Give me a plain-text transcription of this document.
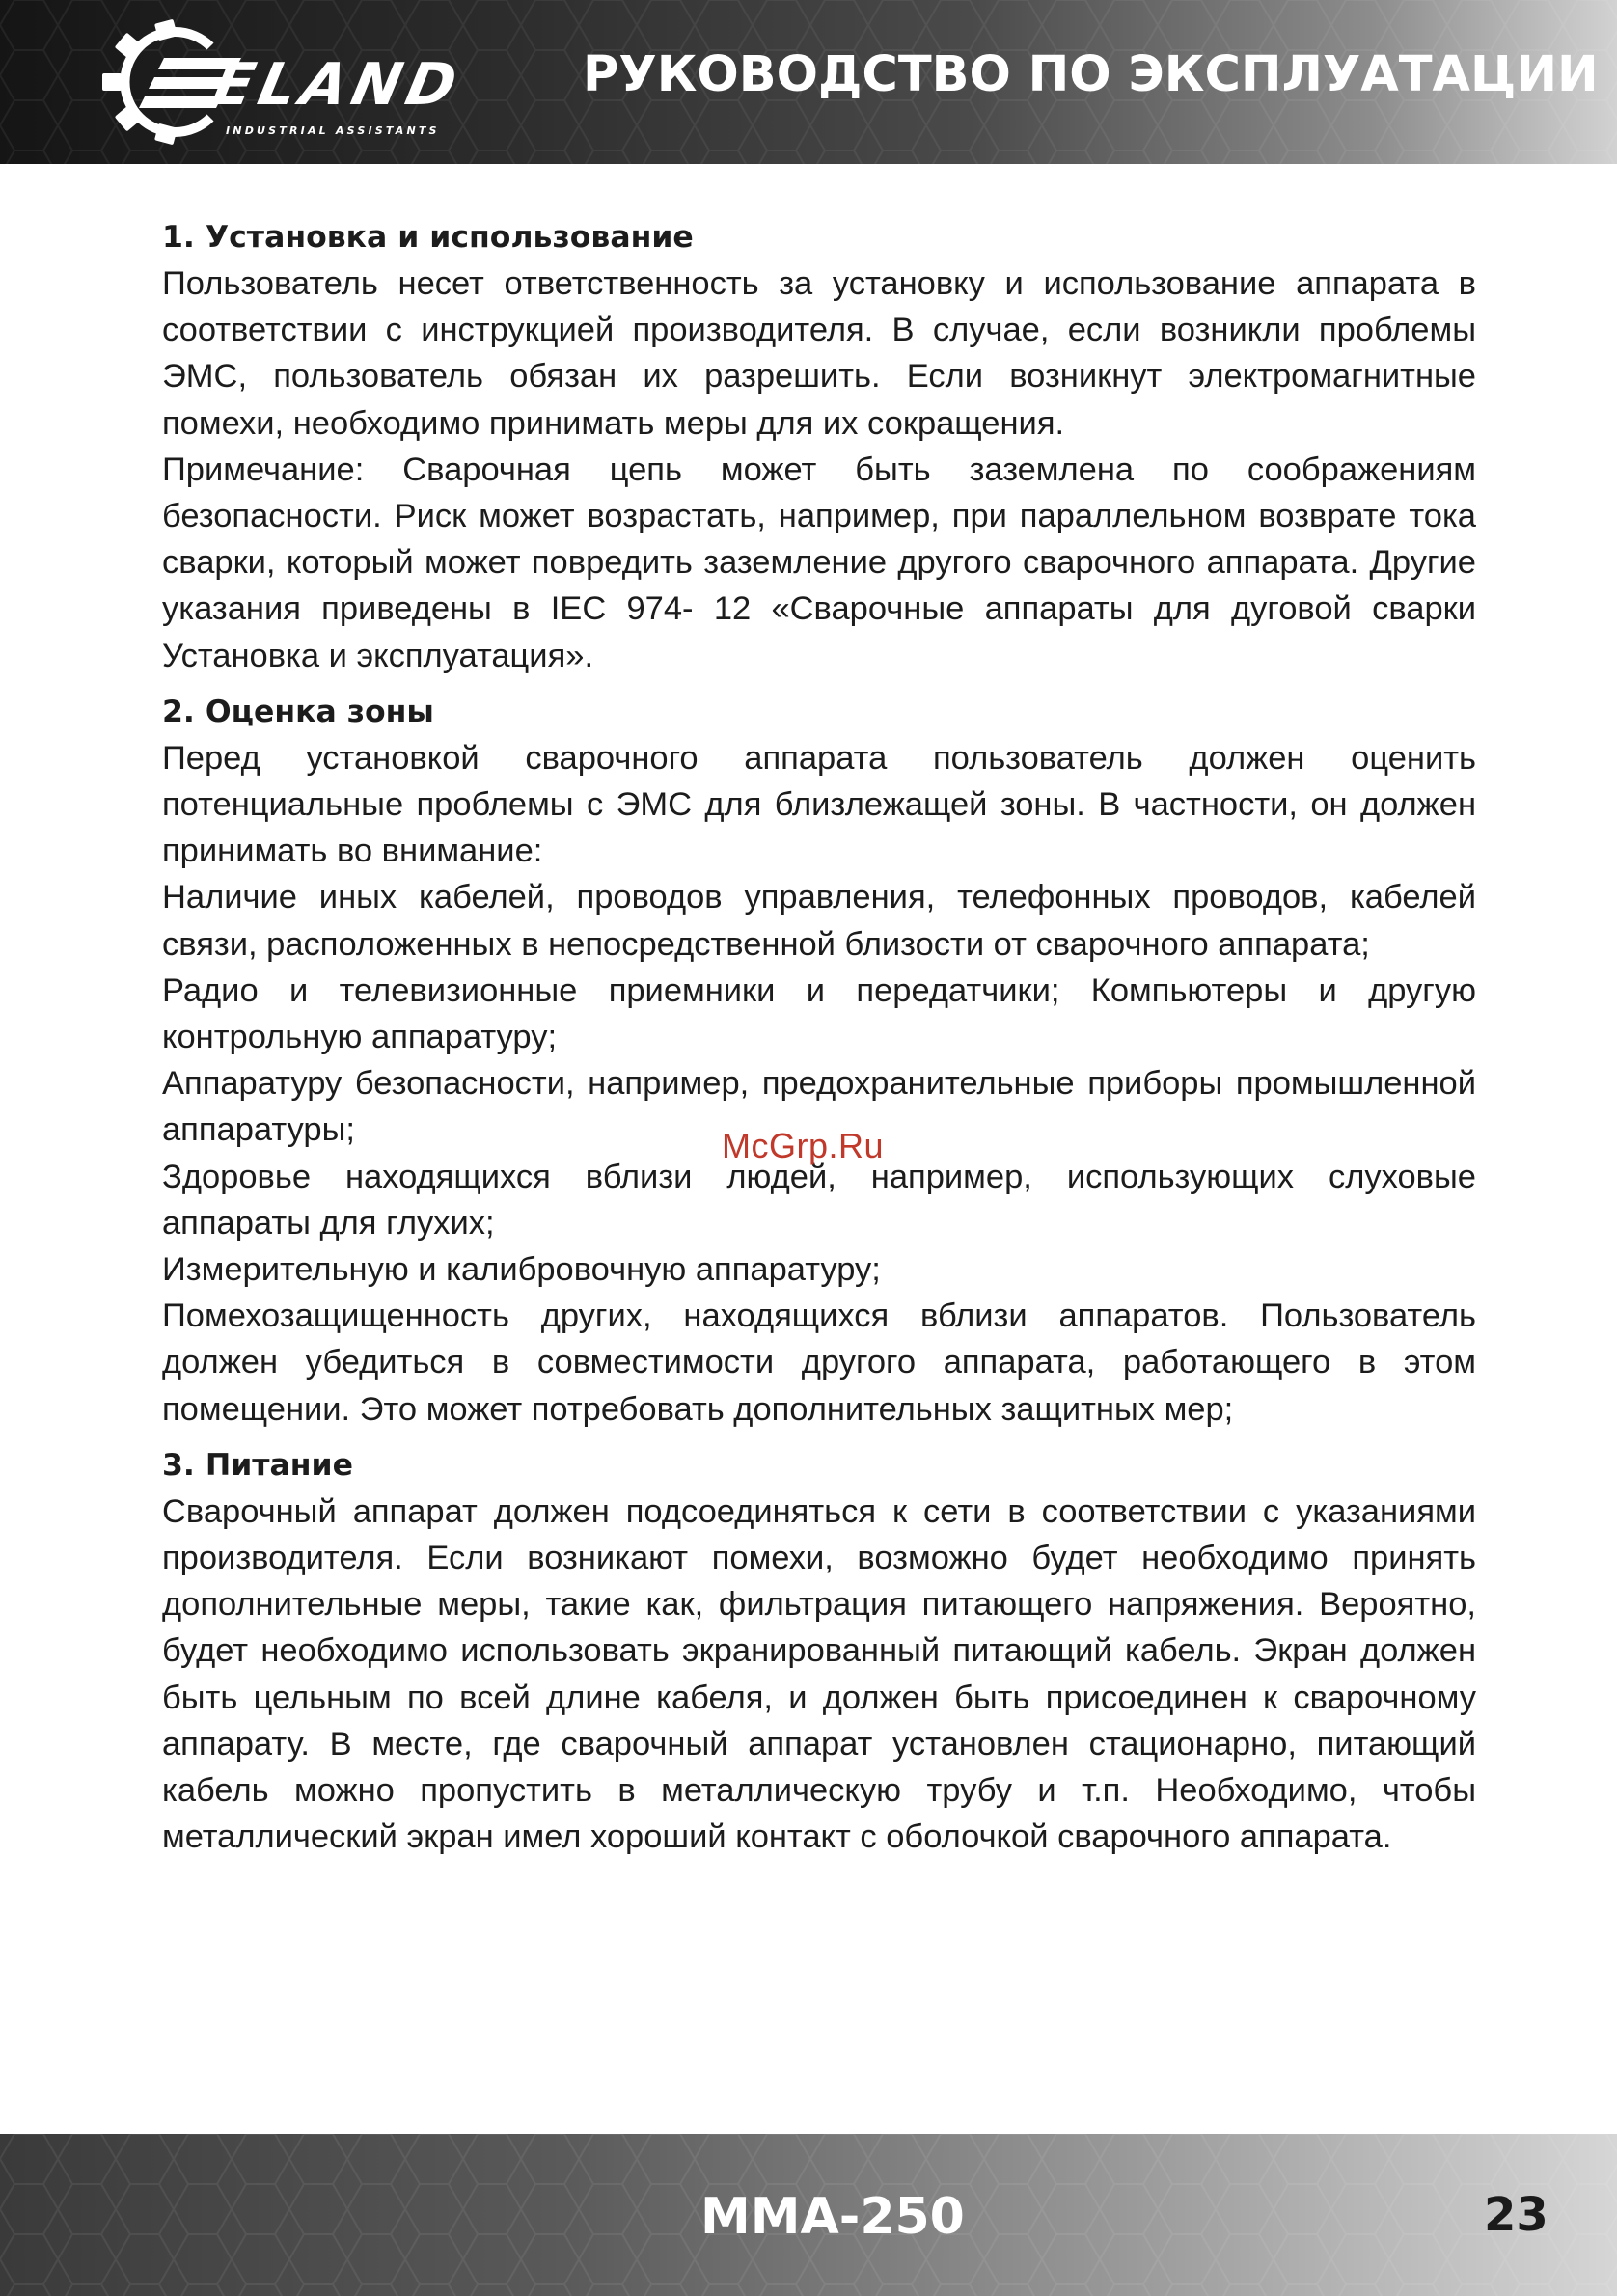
ELAND
INDUSTRIAL ASSISTANTS
РУКОВОДСТВО ПО ЭКСПЛУАТАЦИИ
1. Установка и использование

Пользователь несет ответственность за установку и использование аппарата в соответствии с инструкцией производителя. В случае, если возникли проблемы ЭМС, пользователь обязан их разрешить. Если возникнут электромагнитные помехи, необходимо принимать меры для их сокращения.

Примечание: Сварочная цепь может быть заземлена по соображениям безопасности. Риск может возрастать, например, при параллельном возврате тока сварки, который может повредить заземление другого сварочного аппарата. Другие указания приведены в IEC 974- 12 «Сварочные аппараты для дуговой сварки Установка и эксплуатация».

2. Оценка зоны

Перед установкой сварочного аппарата пользователь должен оценить потенциальные проблемы с ЭМС для близлежащей зоны. В частности, он должен принимать во внимание:

Наличие иных кабелей, проводов управления, телефонных проводов, кабелей связи, расположенных в непосредственной близости от сварочного аппарата;

Радио и телевизионные приемники и передатчики; Компьютеры и другую контрольную аппаратуру;

Аппаратуру безопасности, например, предохранительные приборы промышленной аппаратуры;

Здоровье находящихся вблизи людей, например, использующих слуховые аппараты для глухих;

Измерительную и калибровочную аппаратуру;

Помехозащищенность других, находящихся вблизи аппаратов. Пользователь должен убедиться в совместимости другого аппарата, работающего в этом помещении. Это может потребовать дополнительных защитных мер;

3. Питание

Сварочный аппарат должен подсоединяться к сети в соответствии с указаниями производителя. Если возникают помехи, возможно будет необходимо принять дополнительные меры, такие как, фильтрация питающего напряжения. Вероятно, будет необходимо использовать экранированный питающий кабель. Экран должен быть цельным по всей длине кабеля, и должен быть присоединен к сварочному аппарату. В месте, где сварочный аппарат установлен стационарно, питающий кабель можно пропустить в металлическую трубу и т.п. Необходимо, чтобы металлический экран имел хороший контакт с оболочкой сварочного аппарата.

McGrp.Ru
MMA-250	23
